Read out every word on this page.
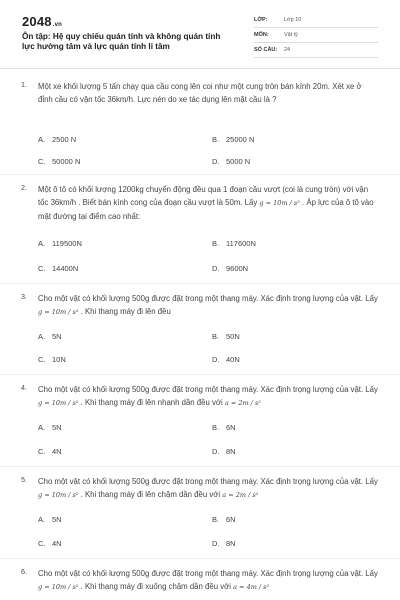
2048.vn
Ôn tập: Hệ quy chiếu quán tính và không quán tính lực hướng tâm và lực quán tính li tâm
LỚP:	Lớp 10
MÔN:	Vật lý
SỐ CÂU: 24
1. Một xe khối lượng 5 tấn chạy qua cầu cong lên coi như một cung tròn bán kính 20m. Xét xe ở đỉnh cầu có vận tốc 36km/h. Lực nén do xe tác dụng lên mặt cầu là ?
A. 2500 N	B. 25000 N
C. 50000 N	D. 5000 N
2. Một ô tô có khối lượng 1200kg chuyển động đều qua 1 đoạn cầu vượt (coi là cung tròn) với vận tốc 36km/h . Biết bán kính cong của đoạn cầu vượt là 50m. Lấy g = 10m / s² . Áp lực của ô tô vào mặt đường tại điểm cao nhất:
A. 119500N	B. 117600N
C. 14400N	D. 9600N
3. Cho một vật có khối lượng 500g được đặt trong một thang máy. Xác định trọng lượng của vật. Lấy g = 10m / s² . Khi thang máy đi lên đều
A. 5N	B. 50N
C. 10N	D. 40N
4. Cho một vật có khối lượng 500g được đặt trong một thang máy. Xác định trọng lượng của vật. Lấy g = 10m / s² . Khi thang máy đi lên nhanh dần đều với a = 2m / s²
A. 5N	B. 6N
C. 4N	D. 8N
5. Cho một vật có khối lượng 500g được đặt trong một thang máy. Xác định trọng lượng của vật. Lấy g = 10m / s² . Khi thang máy đi lên chậm dần đều với a = 2m / s²
A. 5N	B. 6N
C. 4N	D. 8N
6. Cho một vật có khối lượng 500g được đặt trong một thang máy. Xác định trọng lượng của vật. Lấy g = 10m / s² . Khi thang máy đi xuống chậm dần đều với a = 4m / s²
